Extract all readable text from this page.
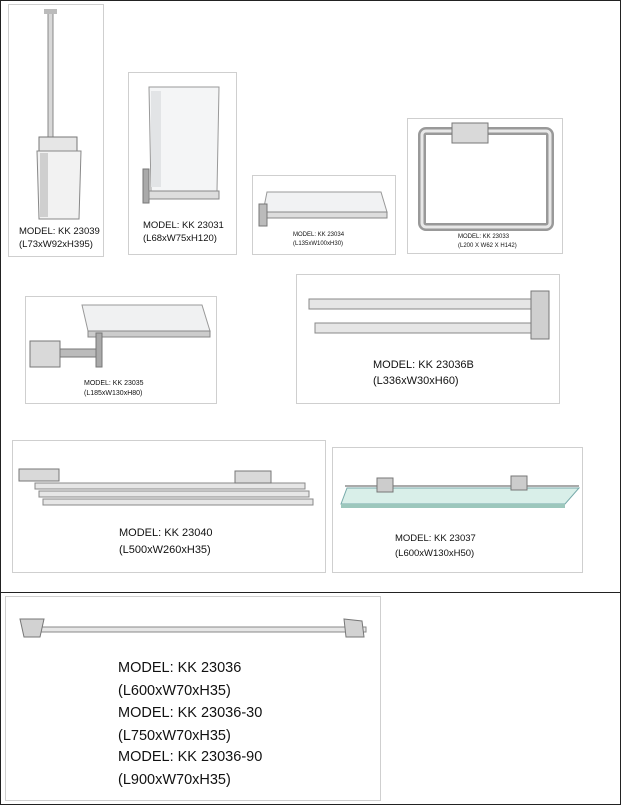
MODEL: KK 23039
(L73xW92xH395)
MODEL: KK 23031
(L68xW75xH120)	MODEL: KK 23034
(L135xW100xH30)
MODEL: KK 23033
(L200 X W62 X H142)
MODEL: KK 23035
(L185xW130xH80)
MODEL: KK 23036B
(L336xW30xH60)
MODEL: KK 23040
(L500xW260xH35)
MODEL: KK 23037
(L600xW130xH50)
MODEL: KK 23036
(L600xW70xH35)
MODEL: KK 23036-30
(L750xW70xH35)
MODEL: KK 23036-90
(L900xW70xH35)
